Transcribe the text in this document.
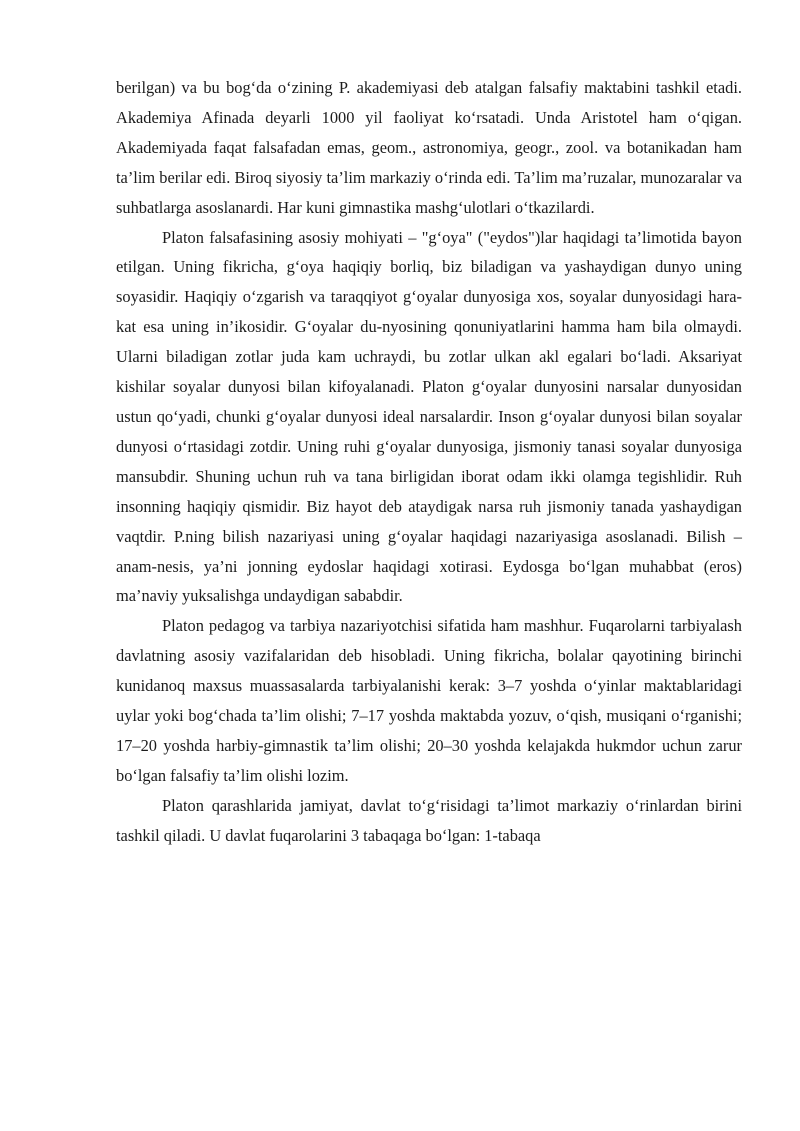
berilgan) va bu bog‘da o‘zining P. akademiyasi deb atalgan falsafiy maktabini tashkil etadi. Akademiya Afinada deyarli 1000 yil faoliyat ko‘rsatadi. Unda Aristotel ham o‘qigan. Akademiyada faqat falsafadan emas, geom., astronomiya, geogr., zool. va botanikadan ham ta’lim berilar edi. Biroq siyosiy ta’lim markaziy o‘rinda edi. Ta’lim ma’ruzalar, munozaralar va suhbatlarga asoslanardi. Har kuni gimnastika mashg‘ulotlari o‘tkazilardi.

Platon falsafasining asosiy mohiyati – "g‘oya" ("eydos")lar haqidagi ta’limotida bayon etilgan. Uning fikricha, g‘oya haqiqiy borliq, biz biladigan va yashaydigan dunyo uning soyasidir. Haqiqiy o‘zgarish va taraqqiyot g‘oyalar dunyosiga xos, soyalar dunyosidagi hara-kat esa uning in’ikosidir. G‘oyalar du-nyosining qonuniyatlarini hamma ham bila olmaydi. Ularni biladigan zotlar juda kam uchraydi, bu zotlar ulkan akl egalari bo‘ladi. Aksariyat kishilar soyalar dunyosi bilan kifoyalanadi. Platon g‘oyalar dunyosini narsalar dunyosidan ustun qo‘yadi, chunki g‘oyalar dunyosi ideal narsalardir. Inson g‘oyalar dunyosi bilan soyalar dunyosi o‘rtasidagi zotdir. Uning ruhi g‘oyalar dunyosiga, jismoniy tanasi soyalar dunyosiga mansubdir. Shuning uchun ruh va tana birligidan iborat odam ikki olamga tegishlidir. Ruh insonning haqiqiy qismidir. Biz hayot deb ataydigak narsa ruh jismoniy tanada yashaydigan vaqtdir. P.ning bilish nazariyasi uning g‘oyalar haqidagi nazariyasiga asoslanadi. Bilish – anam-nesis, ya’ni jonning eydoslar haqidagi xotirasi. Eydosga bo‘lgan muhabbat (eros) ma’naviy yuksalishga undaydigan sababdir.

Platon pedagog va tarbiya nazariyotchisi sifatida ham mashhur. Fuqarolarni tarbiyalash davlatning asosiy vazifalaridan deb hisobladi. Uning fikricha, bolalar qayotining birinchi kunidanoq maxsus muassasalarda tarbiyalanishi kerak: 3–7 yoshda o‘yinlar maktablaridagi uylar yoki bog‘chada ta’lim olishi; 7–17 yoshda maktabda yozuv, o‘qish, musiqani o‘rganishi; 17–20 yoshda harbiy-gimnastik ta’lim olishi; 20–30 yoshda kelajakda hukmdor uchun zarur bo‘lgan falsafiy ta’lim olishi lozim.

Platon qarashlarida jamiyat, davlat to‘g‘risidagi ta’limot markaziy o‘rinlardan birini tashkil qiladi. U davlat fuqarolarini 3 tabaqaga bo‘lgan: 1-tabaqa
